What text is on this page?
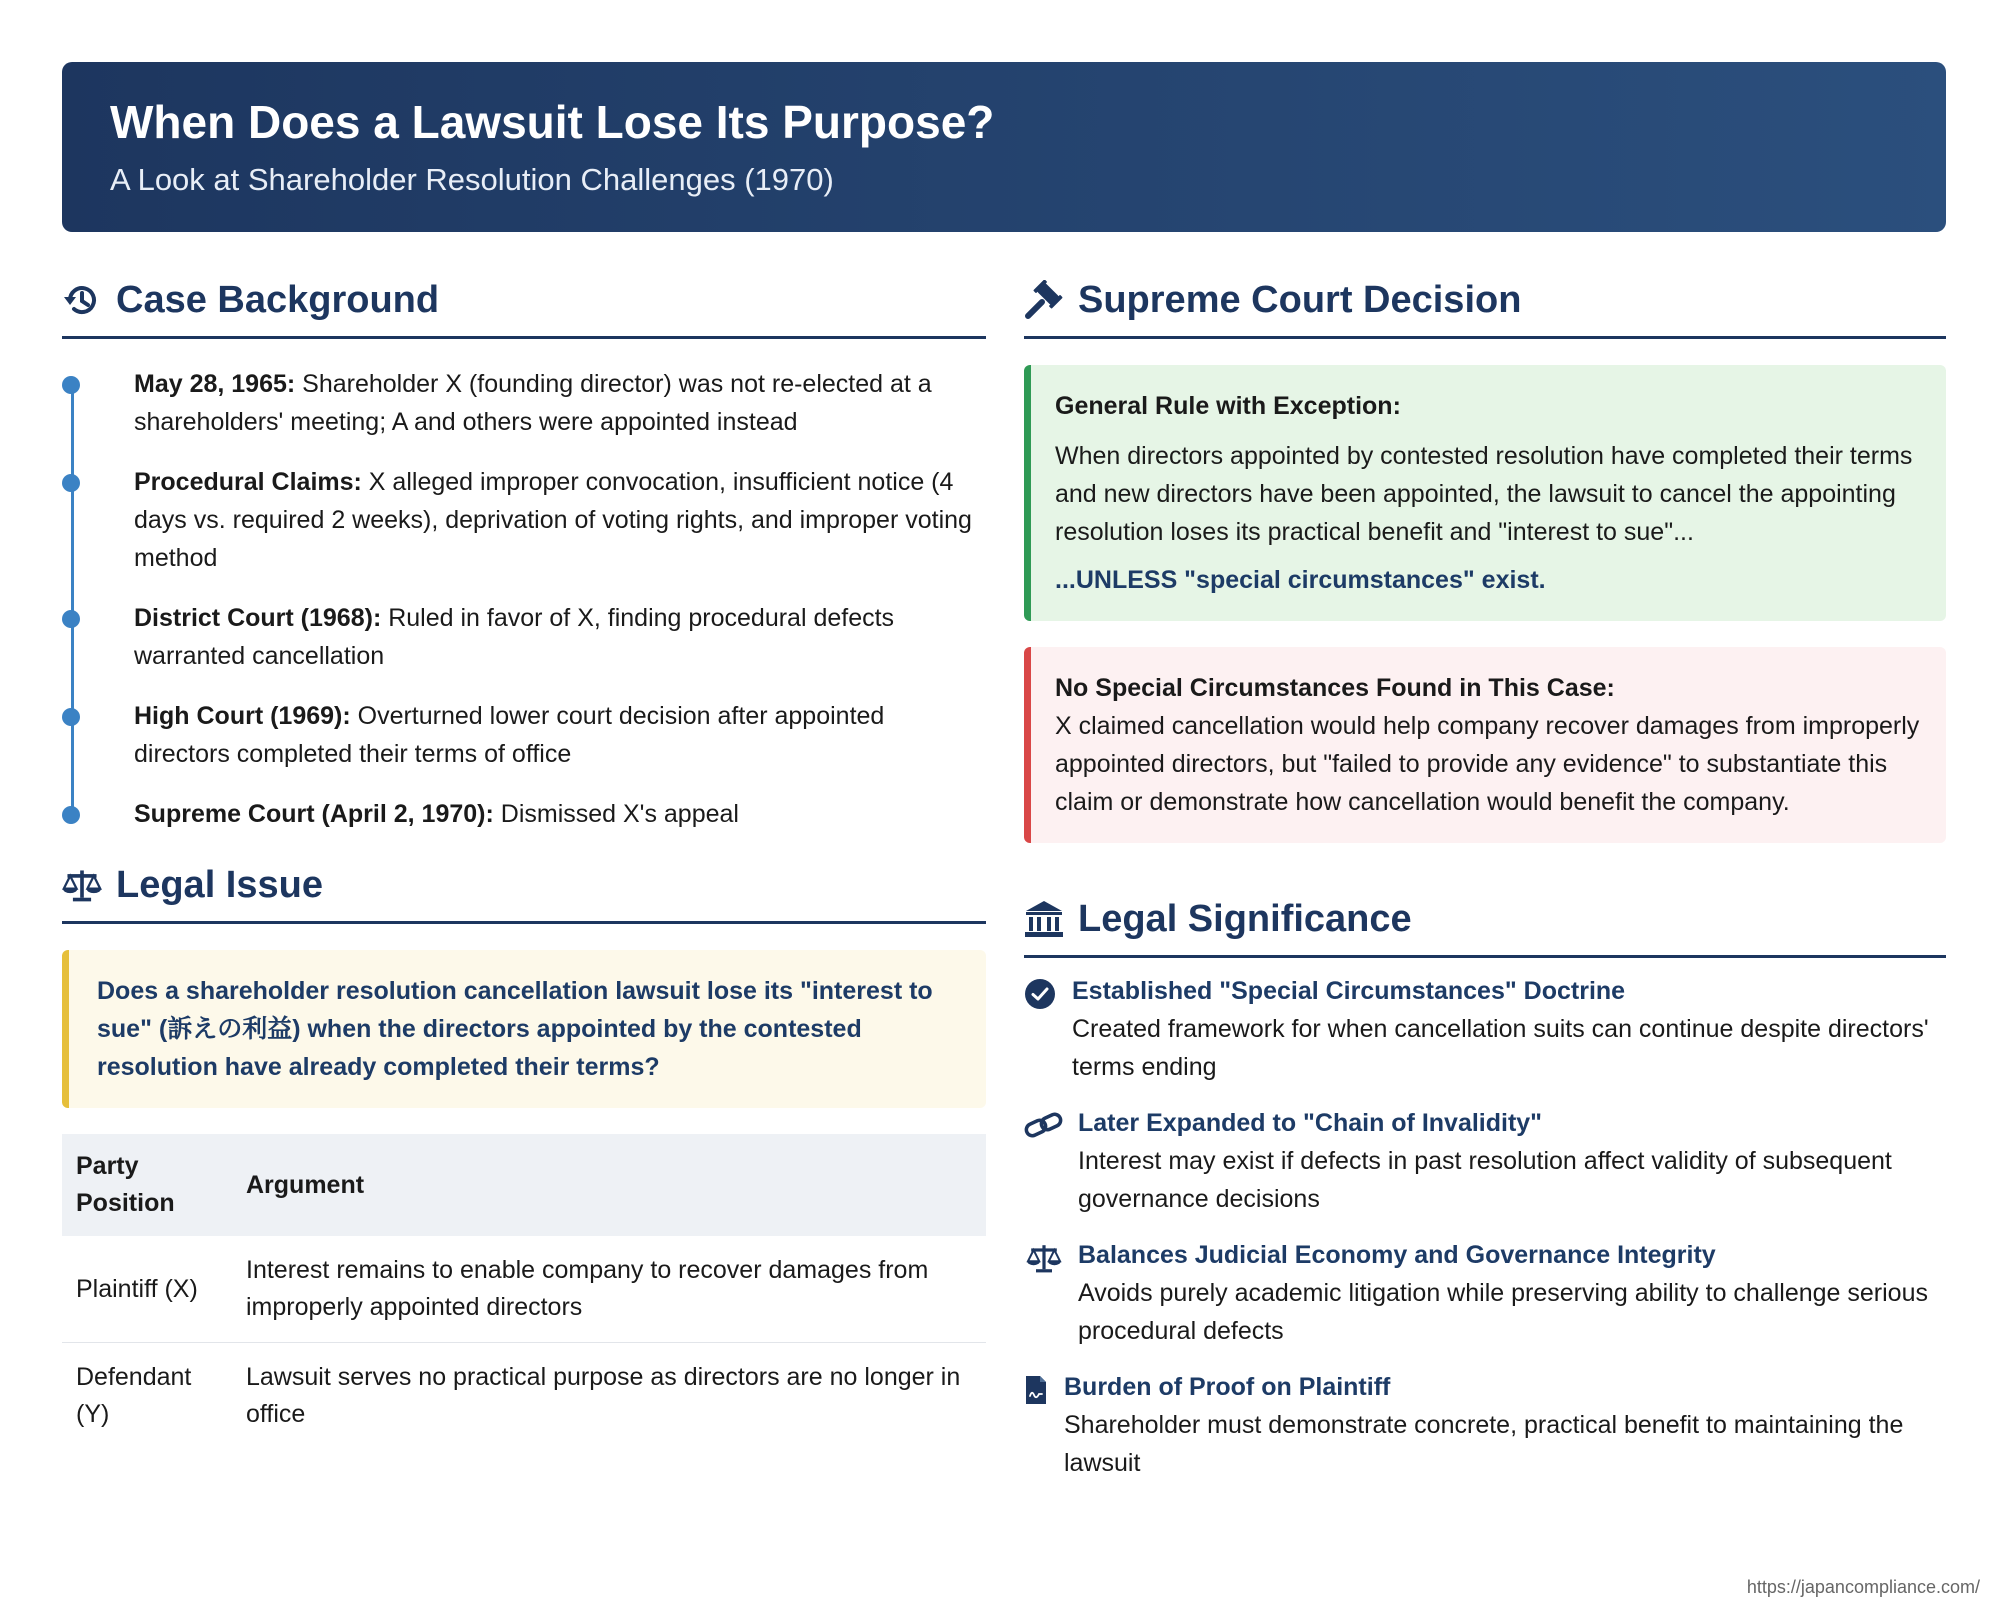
When Does a Lawsuit Lose Its Purpose?
A Look at Shareholder Resolution Challenges (1970)
Case Background
May 28, 1965: Shareholder X (founding director) was not re-elected at a shareholders' meeting; A and others were appointed instead
Procedural Claims: X alleged improper convocation, insufficient notice (4 days vs. required 2 weeks), deprivation of voting rights, and improper voting method
District Court (1968): Ruled in favor of X, finding procedural defects warranted cancellation
High Court (1969): Overturned lower court decision after appointed directors completed their terms of office
Supreme Court (April 2, 1970): Dismissed X's appeal
Legal Issue
Does a shareholder resolution cancellation lawsuit lose its "interest to sue" (訴えの利益) when the directors appointed by the contested resolution have already completed their terms?
Party Position	Argument
Plaintiff (X)	Interest remains to enable company to recover damages from improperly appointed directors
Defendant (Y)	Lawsuit serves no practical purpose as directors are no longer in office
Supreme Court Decision
General Rule with Exception:
When directors appointed by contested resolution have completed their terms and new directors have been appointed, the lawsuit to cancel the appointing resolution loses its practical benefit and "interest to sue"...
...UNLESS "special circumstances" exist.
No Special Circumstances Found in This Case:
X claimed cancellation would help company recover damages from improperly appointed directors, but "failed to provide any evidence" to substantiate this claim or demonstrate how cancellation would benefit the company.
Legal Significance
Established "Special Circumstances" Doctrine
Created framework for when cancellation suits can continue despite directors' terms ending
Later Expanded to "Chain of Invalidity"
Interest may exist if defects in past resolution affect validity of subsequent governance decisions
Balances Judicial Economy and Governance Integrity
Avoids purely academic litigation while preserving ability to challenge serious procedural defects
Burden of Proof on Plaintiff
Shareholder must demonstrate concrete, practical benefit to maintaining the lawsuit
https://japancompliance.com/
